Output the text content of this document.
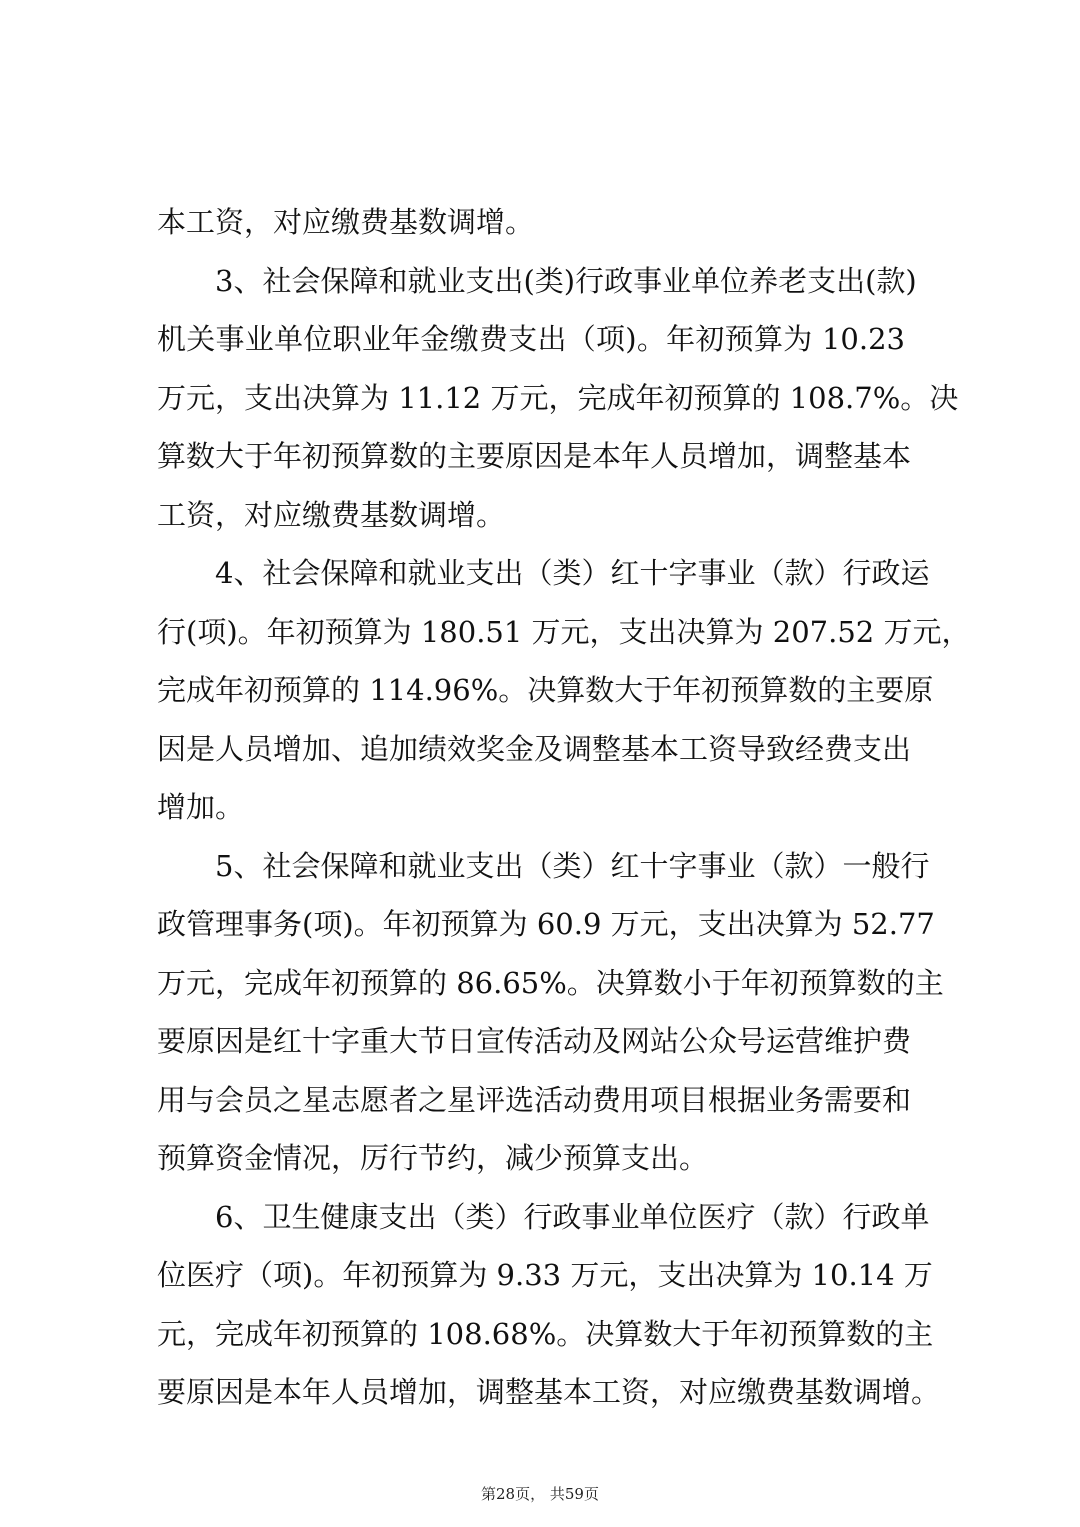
本工资，对应缴费基数调增。
3、社会保障和就业支出(类)行政事业单位养老支出(款)
机关事业单位职业年金缴费支出（项)。年初预算为 10.23
万元，支出决算为 11.12 万元，完成年初预算的 108.7%。决
算数大于年初预算数的主要原因是本年人员增加，调整基本
工资，对应缴费基数调增。
4、社会保障和就业支出（类）红十字事业（款）行政运
行(项)。年初预算为 180.51 万元，支出决算为 207.52 万元，
完成年初预算的 114.96%。决算数大于年初预算数的主要原
因是人员增加、追加绩效奖金及调整基本工资导致经费支出
增加。
5、社会保障和就业支出（类）红十字事业（款）一般行
政管理事务(项)。年初预算为 60.9 万元，支出决算为 52.77
万元，完成年初预算的 86.65%。决算数小于年初预算数的主
要原因是红十字重大节日宣传活动及网站公众号运营维护费
用与会员之星志愿者之星评选活动费用项目根据业务需要和
预算资金情况，厉行节约，减少预算支出。
6、卫生健康支出（类）行政事业单位医疗（款）行政单
位医疗（项)。年初预算为 9.33 万元，支出决算为 10.14 万
元，完成年初预算的 108.68%。决算数大于年初预算数的主
要原因是本年人员增加，调整基本工资，对应缴费基数调增。
第28页， 共59页
